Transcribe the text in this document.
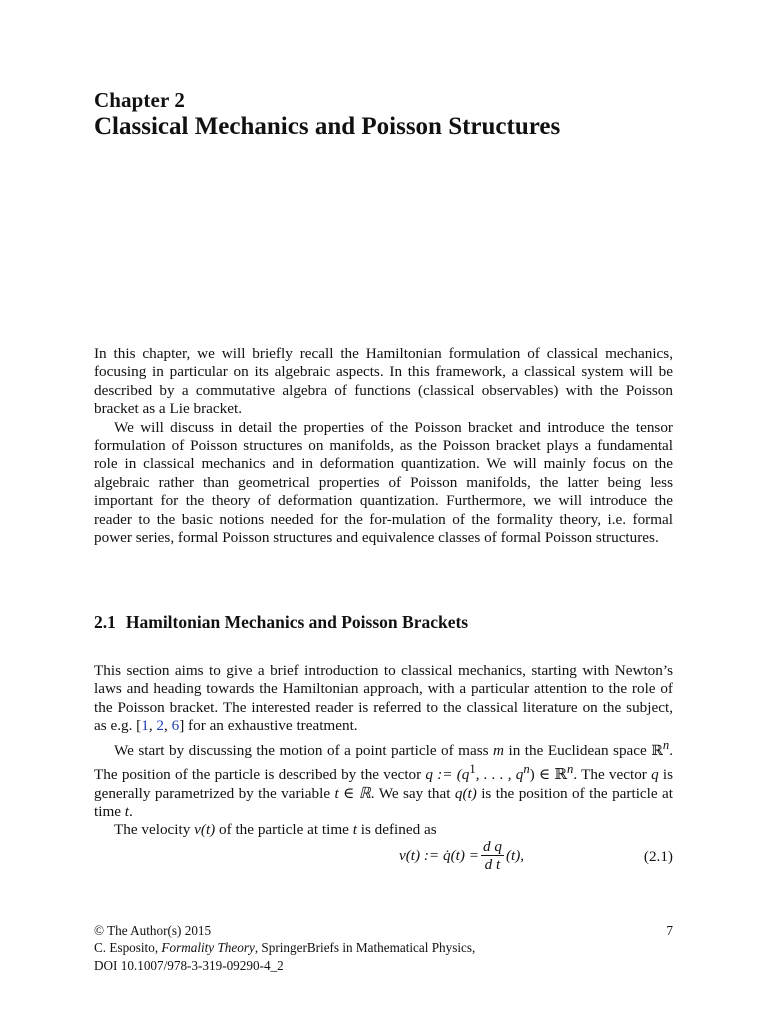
Chapter 2
Classical Mechanics and Poisson Structures

In this chapter, we will briefly recall the Hamiltonian formulation of classical mechanics, focusing in particular on its algebraic aspects. In this framework, a classical system will be described by a commutative algebra of functions (classical observables) with the Poisson bracket as a Lie bracket.

We will discuss in detail the properties of the Poisson bracket and introduce the tensor formulation of Poisson structures on manifolds, as the Poisson bracket plays a fundamental role in classical mechanics and in deformation quantization. We will mainly focus on the algebraic rather than geometrical properties of Poisson manifolds, the latter being less important for the theory of deformation quantization. Furthermore, we will introduce the reader to the basic notions needed for the for-mulation of the formality theory, i.e. formal power series, formal Poisson structures and equivalence classes of formal Poisson structures.

2.1 Hamiltonian Mechanics and Poisson Brackets

This section aims to give a brief introduction to classical mechanics, starting with Newton’s laws and heading towards the Hamiltonian approach, with a particular attention to the role of the Poisson bracket. The interested reader is referred to the classical literature on the subject, as e.g. [1, 2, 6] for an exhaustive treatment.

We start by discussing the motion of a point particle of mass m in the Euclidean space ℝ$^n$. The position of the particle is described by the vector q := ($q^1$, . . . , $q^n$) ∈ ℝ$^n$. The vector q is generally parametrized by the variable t ∈ ℝ. We say that q(t) is the position of the particle at time t.

The velocity v(t) of the particle at time t is defined as

v(t) := q̇(t) = $\frac{\text{d q}}{\text{d t}} (t)$,	(2.1)
© The Author(s) 2015	7
C. Esposito, Formality Theory, SpringerBriefs in Mathematical Physics,
DOI 10.1007/978-3-319-09290-4_2
